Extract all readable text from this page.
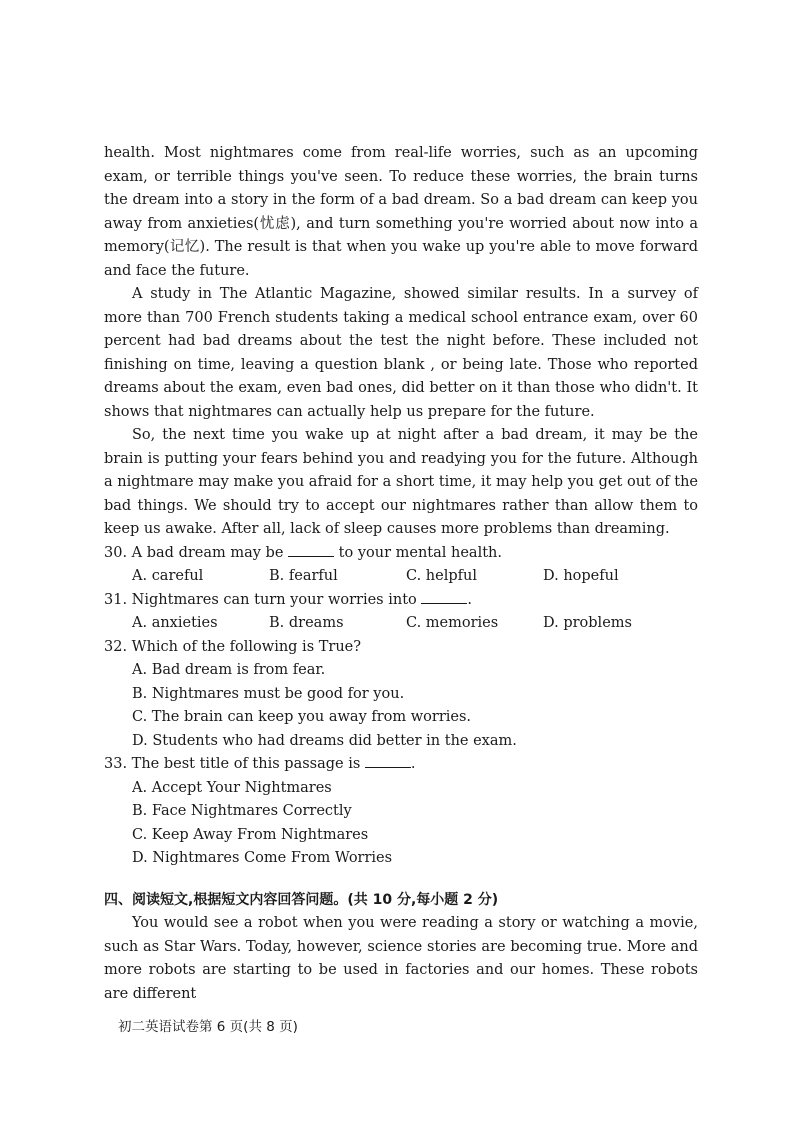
health. Most nightmares come from real-life worries, such as an upcoming exam, or terrible things you've seen. To reduce these worries, the brain turns the dream into a story in the form of a bad dream. So a bad dream can keep you away from anxieties(忧虑), and turn something you're worried about now into a memory(记忆). The result is that when you wake up you're able to move forward and face the future.

A study in The Atlantic Magazine, showed similar results. In a survey of more than 700 French students taking a medical school entrance exam, over 60 percent had bad dreams about the test the night before. These included not finishing on time, leaving a question blank , or being late. Those who reported dreams about the exam, even bad ones, did better on it than those who didn't. It shows that nightmares can actually help us prepare for the future.

So, the next time you wake up at night after a bad dream, it may be the brain is putting your fears behind you and readying you for the future. Although a nightmare may make you afraid for a short time, it may help you get out of the bad things. We should try to accept our nightmares rather than allow them to keep us awake. After all, lack of sleep causes more problems than dreaming.

30. A bad dream may be	to your mental health.

A. careful	B. fearful	C. helpful	D. hopeful

31. Nightmares can turn your worries into	.

A. anxieties	B. dreams	C. memories	D. problems

32. Which of the following is True?

A. Bad dream is from fear.

B. Nightmares must be good for you.

C. The brain can keep you away from worries.

D. Students who had dreams did better in the exam.

33. The best title of this passage is	.

A. Accept Your Nightmares

B. Face Nightmares Correctly

C. Keep Away From Nightmares

D. Nightmares Come From Worries

四、阅读短文,根据短文内容回答问题。(共 10 分,每小题 2 分)

You would see a robot when you were reading a story or watching a movie, such as Star Wars. Today, however, science stories are becoming true. More and more robots are starting to be used in factories and our homes. These robots are different

初二英语试卷第 6 页(共 8 页)
